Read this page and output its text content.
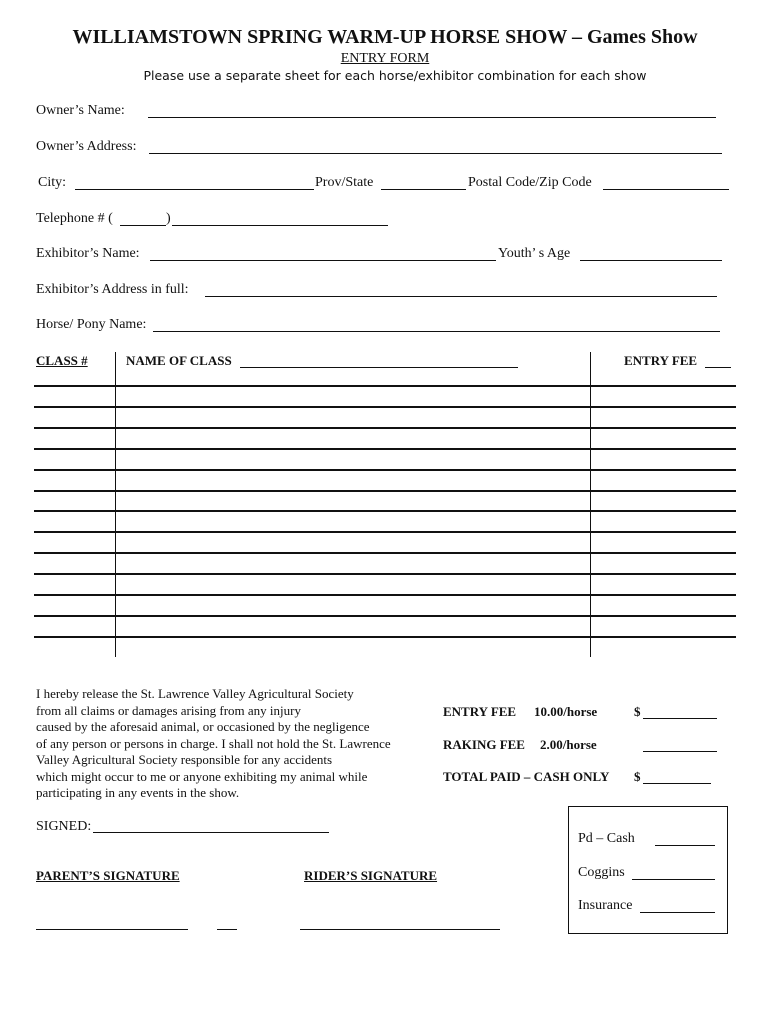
WILLIAMSTOWN SPRING WARM-UP HORSE SHOW – Games Show
ENTRY FORM
Please use a separate sheet for each horse/exhibitor combination for each show
Owner’s Name:
Owner’s Address:
City:	Prov/State	Postal Code/Zip Code
Telephone # (	)
Exhibitor’s Name:	Youth’ s Age
Exhibitor’s Address in full:
Horse/ Pony Name:
CLASS #	NAME OF CLASS	ENTRY FEE
I hereby release the St. Lawrence Valley Agricultural Society
from all claims or damages arising from any injury
caused by the aforesaid animal, or occasioned by the negligence
of any person or persons in charge. I shall not hold the St. Lawrence
Valley Agricultural Society responsible for any accidents
which might occur to me or anyone exhibiting my animal while
participating in any events in the show.
ENTRY FEE 10.00/horse	$
RAKING FEE 2.00/horse
TOTAL PAID – CASH ONLY $
Pd – Cash
Coggins
Insurance
SIGNED:
PARENT’S SIGNATURE	RIDER’S SIGNATURE
